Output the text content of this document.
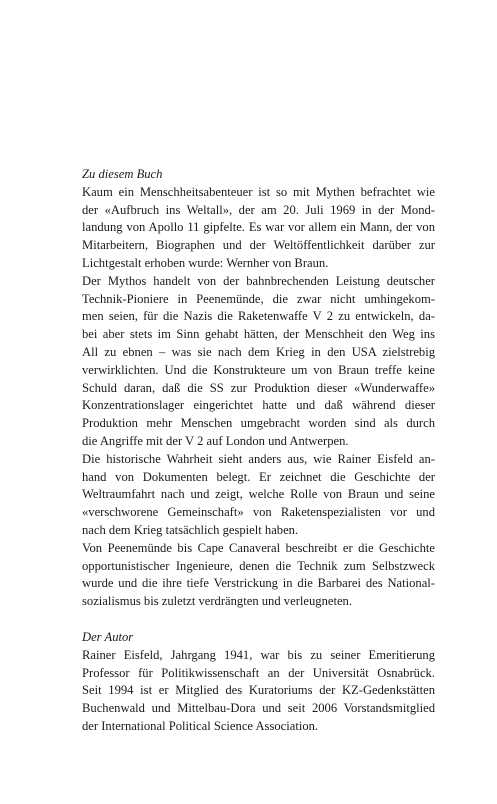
Zu diesem Buch
Kaum ein Menschheitsabenteuer ist so mit Mythen befrachtet wie
der «Aufbruch ins Weltall», der am 20. Juli 1969 in der Mond-
landung von Apollo 11 gipfelte. Es war vor allem ein Mann, der von
Mitarbeitern, Biographen und der Weltöffentlichkeit darüber zur
Lichtgestalt erhoben wurde: Wernher von Braun.
Der Mythos handelt von der bahnbrechenden Leistung deutscher
Technik-Pioniere in Peenemünde, die zwar nicht umhingekom-
men seien, für die Nazis die Raketenwaffe V 2 zu entwickeln, da-
bei aber stets im Sinn gehabt hätten, der Menschheit den Weg ins
All zu ebnen – was sie nach dem Krieg in den USA zielstrebig
verwirklichten. Und die Konstrukteure um von Braun treffe keine
Schuld daran, daß die SS zur Produktion dieser «Wunderwaffe»
Konzentrationslager eingerichtet hatte und daß während dieser
Produktion mehr Menschen umgebracht worden sind als durch
die Angriffe mit der V 2 auf London und Antwerpen.
Die historische Wahrheit sieht anders aus, wie Rainer Eisfeld an-
hand von Dokumenten belegt. Er zeichnet die Geschichte der
Weltraumfahrt nach und zeigt, welche Rolle von Braun und seine
«verschworene Gemeinschaft» von Raketenspezialisten vor und
nach dem Krieg tatsächlich gespielt haben.
Von Peenemünde bis Cape Canaveral beschreibt er die Geschichte
opportunistischer Ingenieure, denen die Technik zum Selbstzweck
wurde und die ihre tiefe Verstrickung in die Barbarei des National-
sozialismus bis zuletzt verdrängten und verleugneten.
Der Autor
Rainer Eisfeld, Jahrgang 1941, war bis zu seiner Emeritierung
Professor für Politikwissenschaft an der Universität Osnabrück.
Seit 1994 ist er Mitglied des Kuratoriums der KZ-Gedenkstätten
Buchenwald und Mittelbau-Dora und seit 2006 Vorstandsmitglied
der International Political Science Association.
